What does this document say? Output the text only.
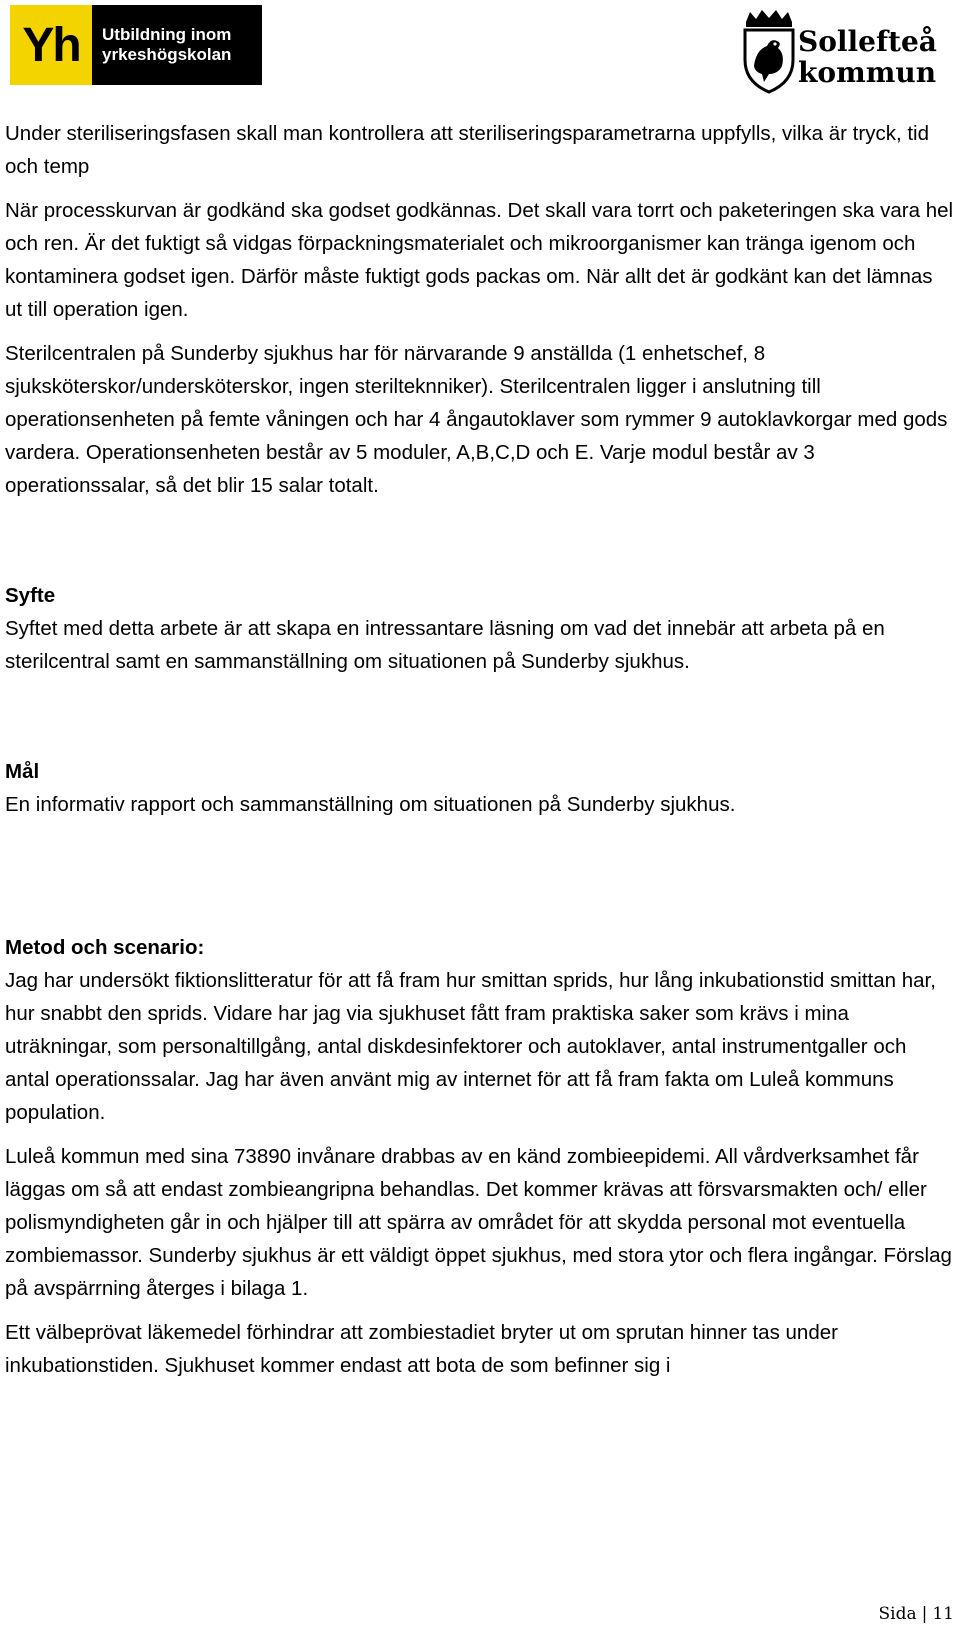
Yh	Utbildning inom
yrkeshögskolan	Sollefteå
kommun

Under steriliseringsfasen skall man kontrollera att steriliseringsparametrarna uppfylls, vilka är tryck, tid och temp

När processkurvan är godkänd ska godset godkännas. Det skall vara torrt och paketeringen ska vara hel och ren. Är det fuktigt så vidgas förpackningsmaterialet och mikroorganismer kan tränga igenom och kontaminera godset igen. Därför måste fuktigt gods packas om. När allt det är godkänt kan det lämnas ut till operation igen.

Sterilcentralen på Sunderby sjukhus har för närvarande 9 anställda (1 enhetschef, 8 sjuksköterskor/undersköterskor, ingen sterilteknniker). Sterilcentralen ligger i anslutning till operationsenheten på femte våningen och har 4 ångautoklaver som rymmer 9 autoklavkorgar med gods vardera. Operationsenheten består av 5 moduler, A,B,C,D och E. Varje modul består av 3 operationssalar, så det blir 15 salar totalt.

Syfte

Syftet med detta arbete är att skapa en intressantare läsning om vad det innebär att arbeta på en sterilcentral samt en sammanställning om situationen på Sunderby sjukhus.

Mål

En informativ rapport och sammanställning om situationen på Sunderby sjukhus.

Metod och scenario:

Jag har undersökt fiktionslitteratur för att få fram hur smittan sprids, hur lång inkubationstid smittan har, hur snabbt den sprids. Vidare har jag via sjukhuset fått fram praktiska saker som krävs i mina uträkningar, som personaltillgång, antal diskdesinfektorer och autoklaver, antal instrumentgaller och antal operationssalar. Jag har även använt mig av internet för att få fram fakta om Luleå kommuns population.

Luleå kommun med sina 73890 invånare drabbas av en känd zombieepidemi. All vårdverksamhet får läggas om så att endast zombieangripna behandlas. Det kommer krävas att försvarsmakten och/ eller polismyndigheten går in och hjälper till att spärra av området för att skydda personal mot eventuella zombiemassor. Sunderby sjukhus är ett väldigt öppet sjukhus, med stora ytor och flera ingångar. Förslag på avspärrning återges i bilaga 1.

Ett välbeprövat läkemedel förhindrar att zombiestadiet bryter ut om sprutan hinner tas under inkubationstiden. Sjukhuset kommer endast att bota de som befinner sig i

Sida | 11
